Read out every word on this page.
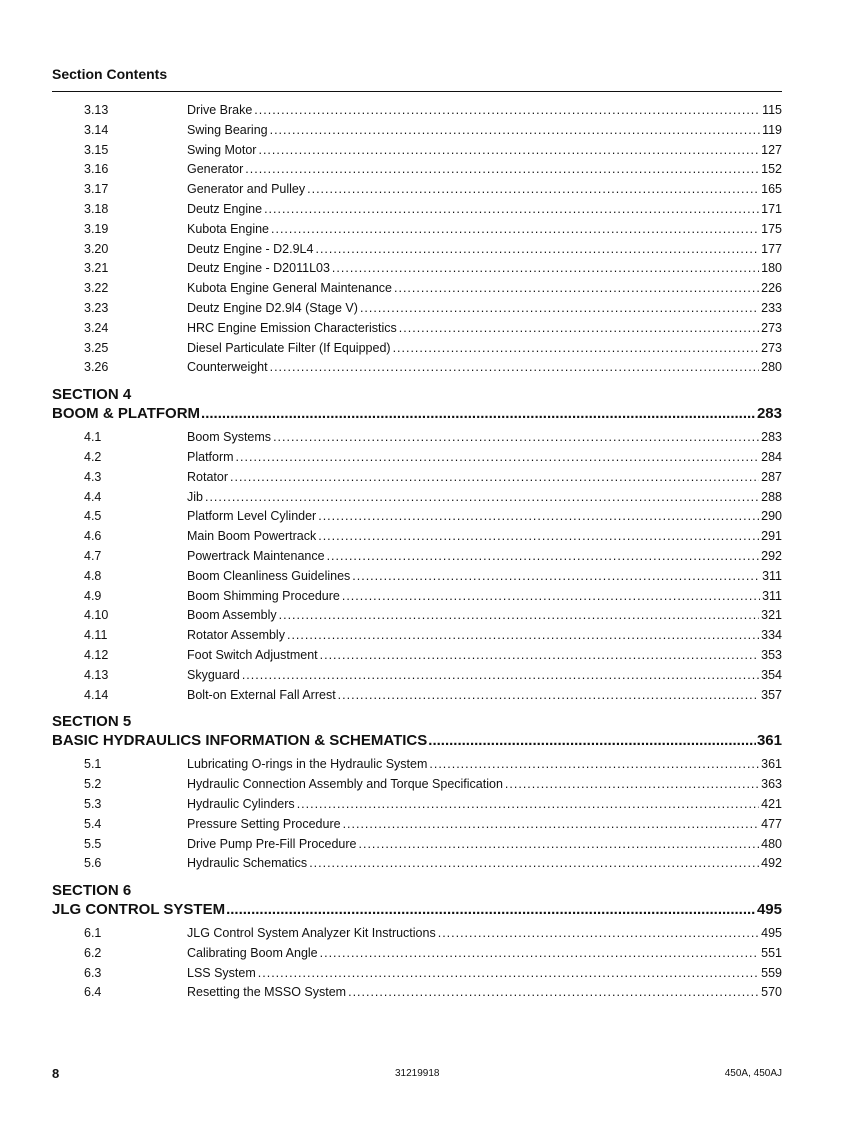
Section Contents
3.13	Drive Brake .....	115
3.14	Swing Bearing .....	119
3.15	Swing Motor .....	127
3.16	Generator .....	152
3.17	Generator and Pulley .....	165
3.18	Deutz Engine .....	171
3.19	Kubota Engine .....	175
3.20	Deutz Engine - D2.9L4 .....	177
3.21	Deutz Engine - D2011L03 .....	180
3.22	Kubota Engine General Maintenance .....	226
3.23	Deutz Engine D2.9l4 (Stage V) .....	233
3.24	HRC Engine Emission Characteristics .....	273
3.25	Diesel Particulate Filter (If Equipped) .....	273
3.26	Counterweight .....	280
SECTION 4
BOOM & PLATFORM .....	283
4.1	Boom Systems .....	283
4.2	Platform .....	284
4.3	Rotator .....	287
4.4	Jib .....	288
4.5	Platform Level Cylinder .....	290
4.6	Main Boom Powertrack .....	291
4.7	Powertrack Maintenance .....	292
4.8	Boom Cleanliness Guidelines .....	311
4.9	Boom Shimming Procedure .....	311
4.10	Boom Assembly .....	321
4.11	Rotator Assembly .....	334
4.12	Foot Switch Adjustment .....	353
4.13	Skyguard .....	354
4.14	Bolt-on External Fall Arrest .....	357
SECTION 5
BASIC HYDRAULICS INFORMATION & SCHEMATICS .....	361
5.1	Lubricating O-rings in the Hydraulic System .....	361
5.2	Hydraulic Connection Assembly and Torque Specification .....	363
5.3	Hydraulic Cylinders .....	421
5.4	Pressure Setting Procedure .....	477
5.5	Drive Pump Pre-Fill Procedure .....	480
5.6	Hydraulic Schematics .....	492
SECTION 6
JLG CONTROL SYSTEM .....	495
6.1	JLG Control System Analyzer Kit Instructions .....	495
6.2	Calibrating Boom Angle .....	551
6.3	LSS System .....	559
6.4	Resetting the MSSO System .....	570
8	31219918	450A, 450AJ
